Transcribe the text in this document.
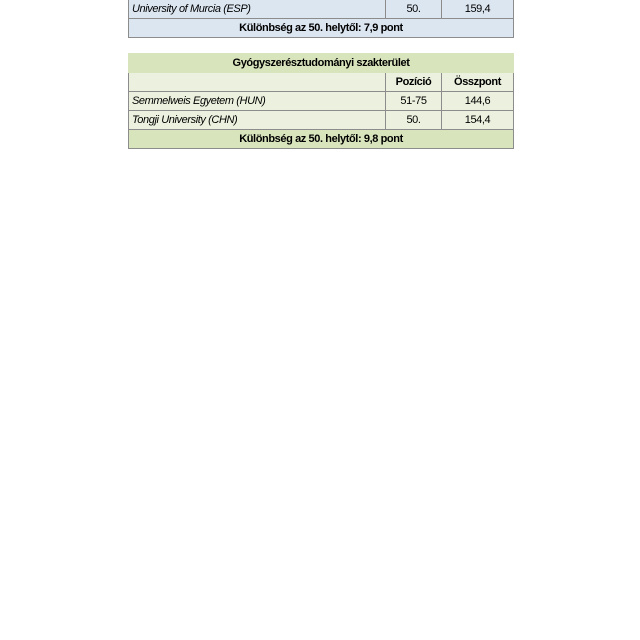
University of Murcia (ESP)	50.	159,4
Különbség az 50. helytől: 7,9 pont
Gyógyszerésztudományi szakterület		
	Pozíció	Összpont
Semmelweis Egyetem (HUN)	51-75	144,6
Tongji University (CHN)	50.	154,4
Különbség az 50. helytől: 9,8 pont		
